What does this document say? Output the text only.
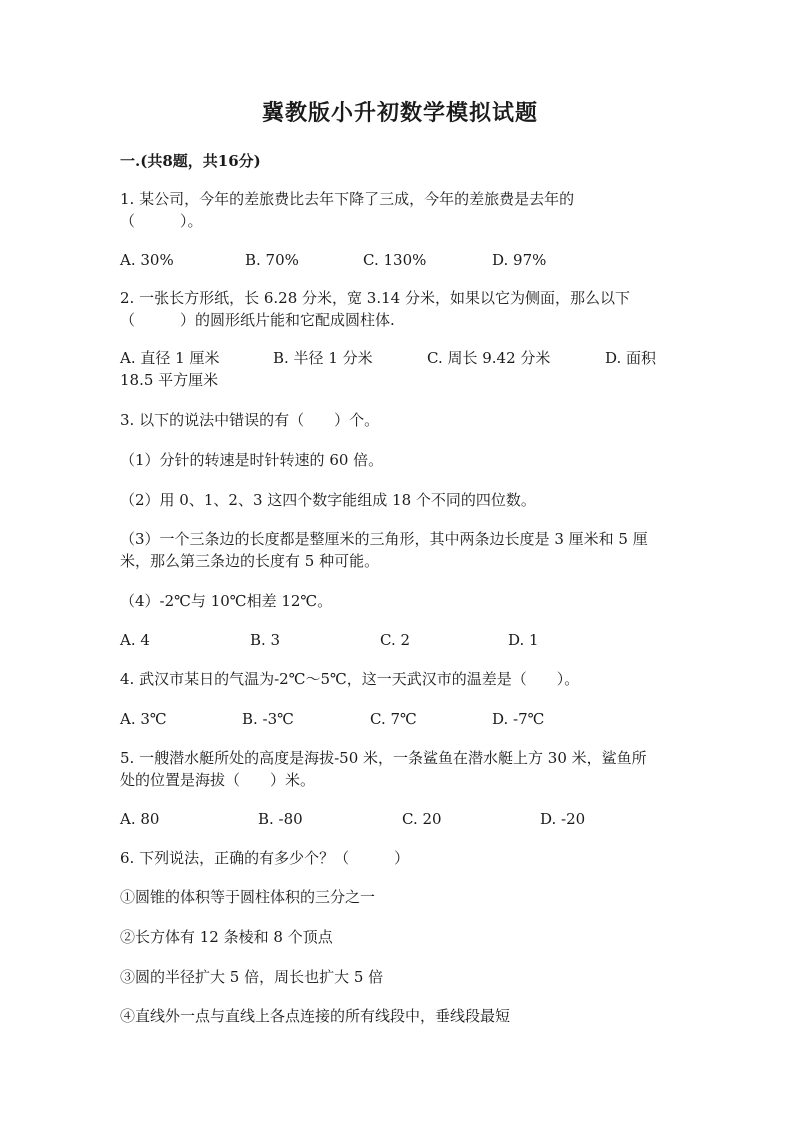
冀教版小升初数学模拟试题
一.(共8题，共16分)
1. 某公司，今年的差旅费比去年下降了三成，今年的差旅费是去年的
（　　　）。
A. 30%	B. 70%	C. 130%	D. 97%
2. 一张长方形纸，长 6.28 分米，宽 3.14 分米，如果以它为侧面，那么以下
（　　　）的圆形纸片能和它配成圆柱体.
A. 直径 1 厘米	B. 半径 1 分米	C. 周长 9.42 分米	D. 面积
18.5 平方厘米
3. 以下的说法中错误的有（　　）个。
（1）分针的转速是时针转速的 60 倍。
（2）用 0、1、2、3 这四个数字能组成 18 个不同的四位数。
（3）一个三条边的长度都是整厘米的三角形，其中两条边长度是 3 厘米和 5 厘
米，那么第三条边的长度有 5 种可能。
（4）-2℃与 10℃相差 12℃。
A. 4	B. 3	C. 2	D. 1
4. 武汉市某日的气温为-2℃～5℃，这一天武汉市的温差是（　　）。
A. 3℃	B. -3℃	C. 7℃	D. -7℃
5. 一艘潜水艇所处的高度是海拔-50 米，一条鲨鱼在潜水艇上方 30 米，鲨鱼所
处的位置是海拔（　　）米。
A. 80	B. -80	C. 20	D. -20
6. 下列说法，正确的有多少个？（　　　）
①圆锥的体积等于圆柱体积的三分之一
②长方体有 12 条棱和 8 个顶点
③圆的半径扩大 5 倍，周长也扩大 5 倍
④直线外一点与直线上各点连接的所有线段中，垂线段最短
